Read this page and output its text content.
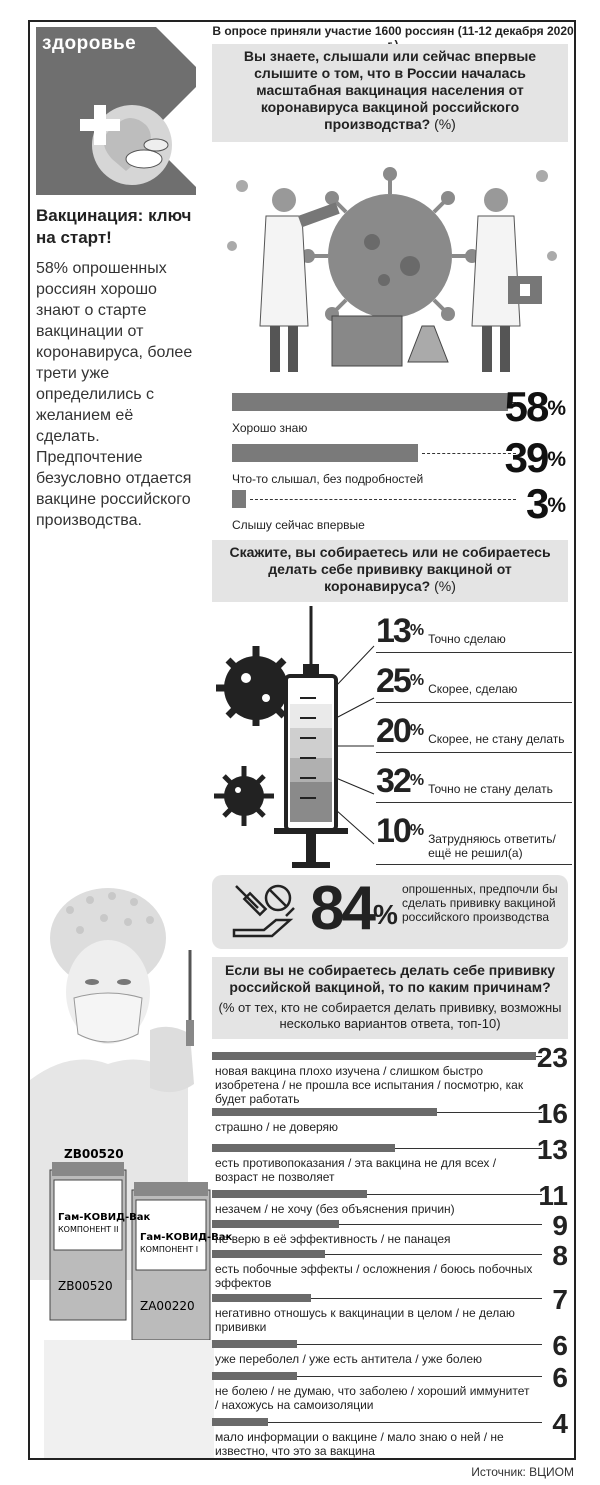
здоровье
Вакцинация: ключ на старт!
58% опрошенных россиян хорошо знают о старте вакцинации от коронавируса, более трети уже определились с желанием её сделать. Предпочтение безусловно отдается вакцине российского производства.
В опросе приняли участие 1600 россиян (11-12 декабря 2020
Вы знаете, слышали или сейчас впервые слышите о том, что в России началась масштабная вакцинация населения от коронавируса вакциной российского производства? (%)
Скажите, вы собираетесь или не собираетесь делать себе прививку вакциной от коронавируса? (%)
84%
опрошенных, предпочли бы сделать прививку вакциной российского производства
Если вы не собираетесь делать себе прививку российской вакциной, то по каким причинам?
(% от тех, кто не собирается делать прививку, возможны несколько вариантов ответа, топ-10)
Гам-КОВИД-Вак
КОМПОНЕНТ II
Гам-КОВИД-Вак
КОМПОНЕНТ I
ZB00520
ZB00520
ZA00220
Источник: ВЦИОМ
Хорошо знаю	58%
Что-то слышал, без подробностей 39%
Слышу сейчас впервые	3%
13% Точно сделаю
25% Скорее, сделаю
20% Скорее, не стану делать
32% Точно не стану делать
10% Затрудняюсь ответить/ ещё не решил(а)
новая вакцина плохо изучена / слишком быстро изобретена / не прошла все испытания / посмотрю, как будет работать
23
страшно / не доверяю	16
есть противопоказания / эта вакцина не для всех / возраст не позволяет
13
незачем / не хочу (без объяснения причин)	11
не верю в её эффективность / не панацея	9
есть побочные эффекты / осложнения / боюсь побочных эффектов
8
негативно отношусь к вакцинации в целом / не делаю прививки
7
уже переболел / уже есть антитела / уже болею	6
не болею / не думаю, что заболею / хороший иммунитет / нахожусь на самоизоляции
6
мало информации о вакцине / мало знаю о ней / не известно, что это за вакцина
4
